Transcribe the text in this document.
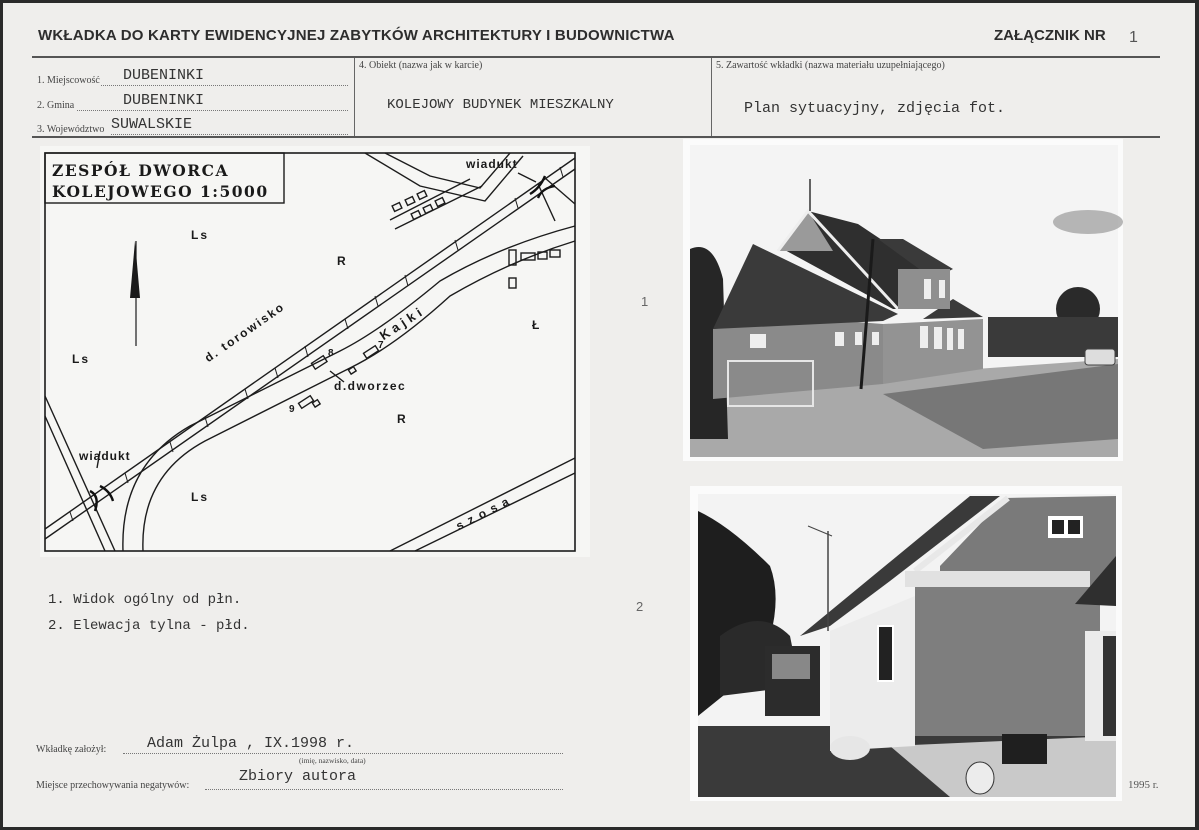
WKŁADKA DO KARTY EWIDENCYJNEJ ZABYTKÓW ARCHITEKTURY I BUDOWNICTWA	ZAŁĄCZNIK NR 1
1. Miejscowość DUBENINKI
2. Gmina	DUBENINKI
3. Województwo SUWALSKIE
4. Obiekt (nazwa jak w karcie)
KOLEJOWY BUDYNEK MIESZKALNY
5. Zawartość wkładki (nazwa materiału uzupełniającego)
Plan sytuacyjny, zdjęcia fot.
ZESPÓŁ DWORCA
KOLEJOWEGO 1:5000
Ls
Ls
Ls
R
R
Ł
wiadukt
wiadukt
d. torowisko	Kajki
d.dworzec
szosa
7
8
9
1
2
1. Widok ogólny od płn.
2. Elewacja tylna - płd.
Wkładkę założył:	Adam Żulpa , IX.1998 r.
(imię, nazwisko, data)
Miejsce przechowywania negatywów:
Zbiory autora	1995 r.
